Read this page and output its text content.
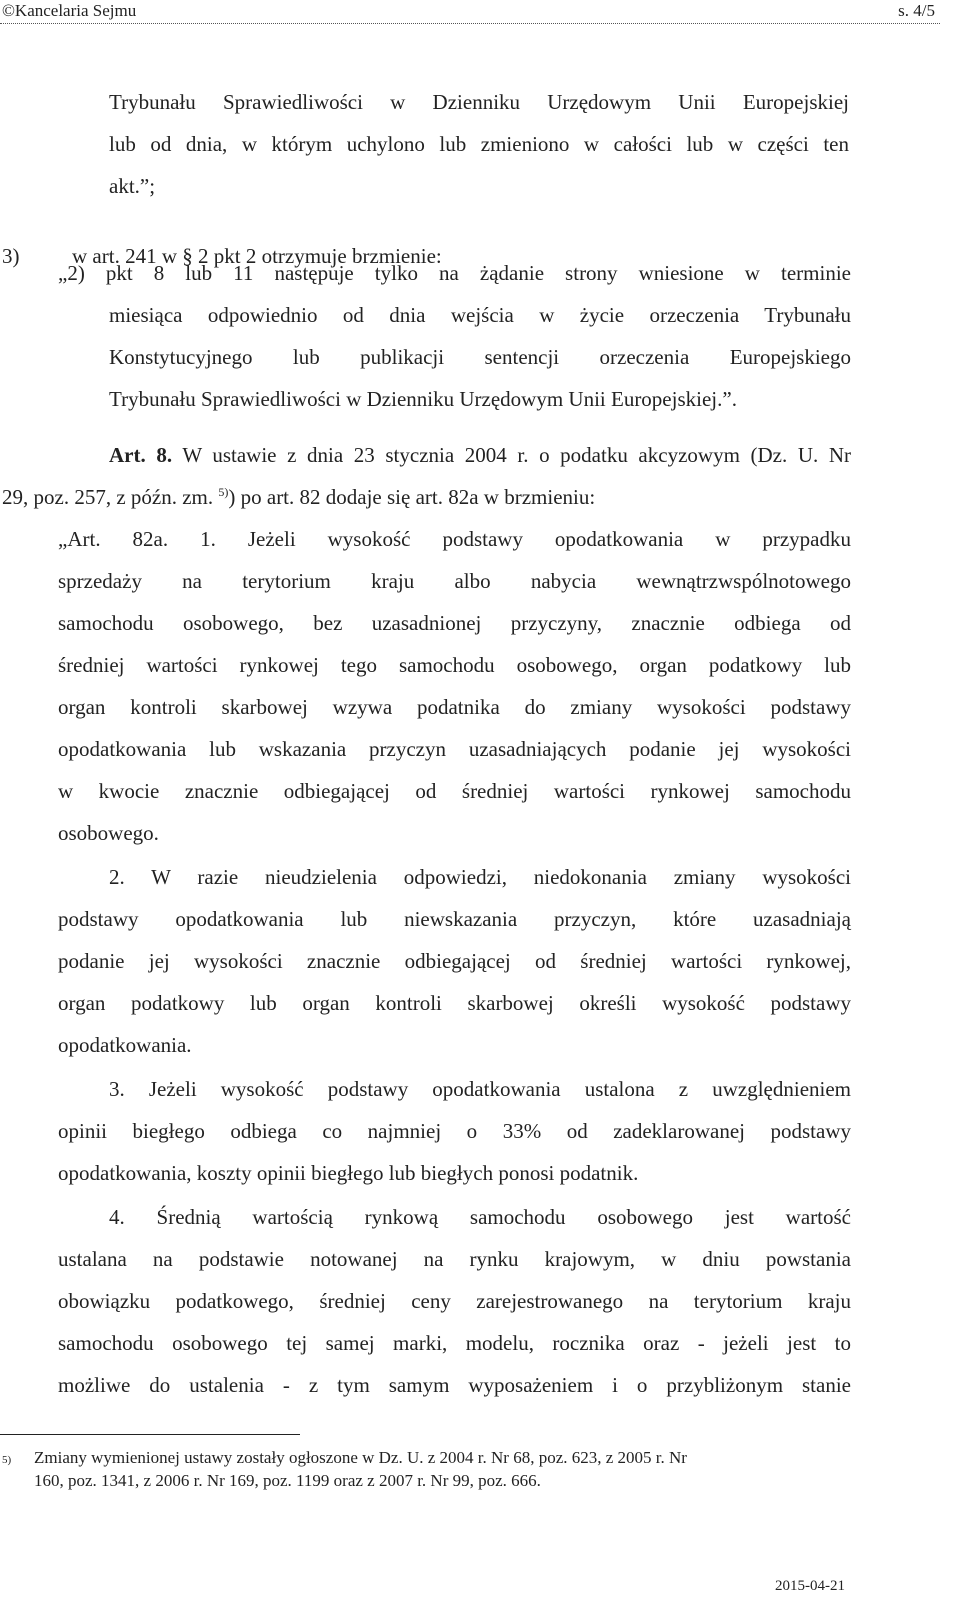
©Kancelaria Sejmu	s. 4/5
Trybunału Sprawiedliwości w Dzienniku Urzędowym Unii Europejskiej
lub od dnia, w którym uchylono lub zmieniono w całości lub w części ten
akt.”;
3)	w art. 241 w § 2 pkt 2 otrzymuje brzmienie:
„2) pkt 8 lub 11 następuje tylko na żądanie strony wniesione w terminie
miesiąca odpowiednio od dnia wejścia w życie orzeczenia Trybunału
Konstytucyjnego lub publikacji sentencji orzeczenia Europejskiego
Trybunału Sprawiedliwości w Dzienniku Urzędowym Unii Europejskiej.”.
Art. 8. W ustawie z dnia 23 stycznia 2004 r. o podatku akcyzowym (Dz. U. Nr
29, poz. 257, z późn. zm. $^{5)}$) po art. 82 dodaje się art. 82a w brzmieniu:
„Art. 82a. 1. Jeżeli wysokość podstawy opodatkowania w przypadku
sprzedaży na terytorium kraju albo nabycia wewnątrzwspólnotowego
samochodu osobowego, bez uzasadnionej przyczyny, znacznie odbiega od
średniej wartości rynkowej tego samochodu osobowego, organ podatkowy lub
organ kontroli skarbowej wzywa podatnika do zmiany wysokości podstawy
opodatkowania lub wskazania przyczyn uzasadniających podanie jej wysokości
w kwocie znacznie odbiegającej od średniej wartości rynkowej samochodu
osobowego.
2. W razie nieudzielenia odpowiedzi, niedokonania zmiany wysokości
podstawy opodatkowania lub niewskazania przyczyn, które uzasadniają
podanie jej wysokości znacznie odbiegającej od średniej wartości rynkowej,
organ podatkowy lub organ kontroli skarbowej określi wysokość podstawy
opodatkowania.
3. Jeżeli wysokość podstawy opodatkowania ustalona z uwzględnieniem
opinii biegłego odbiega co najmniej o 33% od zadeklarowanej podstawy
opodatkowania, koszty opinii biegłego lub biegłych ponosi podatnik.
4. Średnią wartością rynkową samochodu osobowego jest wartość
ustalana na podstawie notowanej na rynku krajowym, w dniu powstania
obowiązku podatkowego, średniej ceny zarejestrowanego na terytorium kraju
samochodu osobowego tej samej marki, modelu, rocznika oraz - jeżeli jest to
możliwe do ustalenia - z tym samym wyposażeniem i o przybliżonym stanie
5) Zmiany wymienionej ustawy zostały ogłoszone w Dz. U. z 2004 r. Nr 68, poz. 623, z 2005 r. Nr
160, poz. 1341, z 2006 r. Nr 169, poz. 1199 oraz z 2007 r. Nr 99, poz. 666.
2015-04-21
